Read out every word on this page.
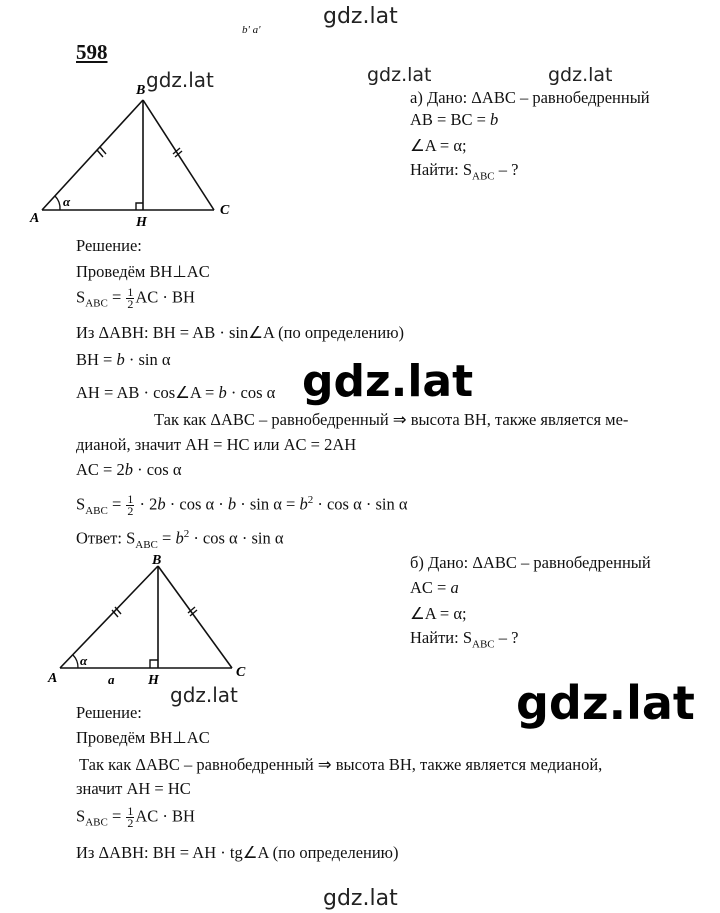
gdz.lat
b' a'
gdz.lat	gdz.lat	gdz.lat
gdz.lat
gdz.lat	gdz.lat
gdz.lat
598
A
B
C
H
α
а) Дано: ΔABC – равнобедренный
AB = BC = b
∠A = α;
Найти: $S_{ABC}$ – ?
Решение:
Проведём BH⊥AC
$S_{ABC} = \frac{1}{2}$ AC · BH
Из ΔABH: BH = AB · sin∠A (по определению)
BH = b · sin α
AH = AB · cos∠A = b · cos α
Так как ΔABC – равнобедренный ⇒ высота BH, также является ме-
дианой, значит AH = HC или AC = 2AH
AC = 2b · cos α
$S_{ABC} = \frac{1}{2} \cdot 2b \cdot \cos \alpha \cdot b \cdot \sin \alpha = b^2 \cdot \cos \alpha \cdot \sin \alpha$
Ответ: $S_{ABC} = b^2 \cdot \cos \alpha \cdot \sin \alpha$
A
B
C
H
α
a
б) Дано: ΔABC – равнобедренный
AC = a
∠A = α;
Найти: $S_{ABC}$ – ?
Решение:
Проведём BH⊥AC
Так как ΔABC – равнобедренный ⇒ высота BH, также является медианой,
значит AH = HC
$S_{ABC} = \frac{1}{2}$ AC · BH
Из ΔABH: BH = AH · tg∠A (по определению)
